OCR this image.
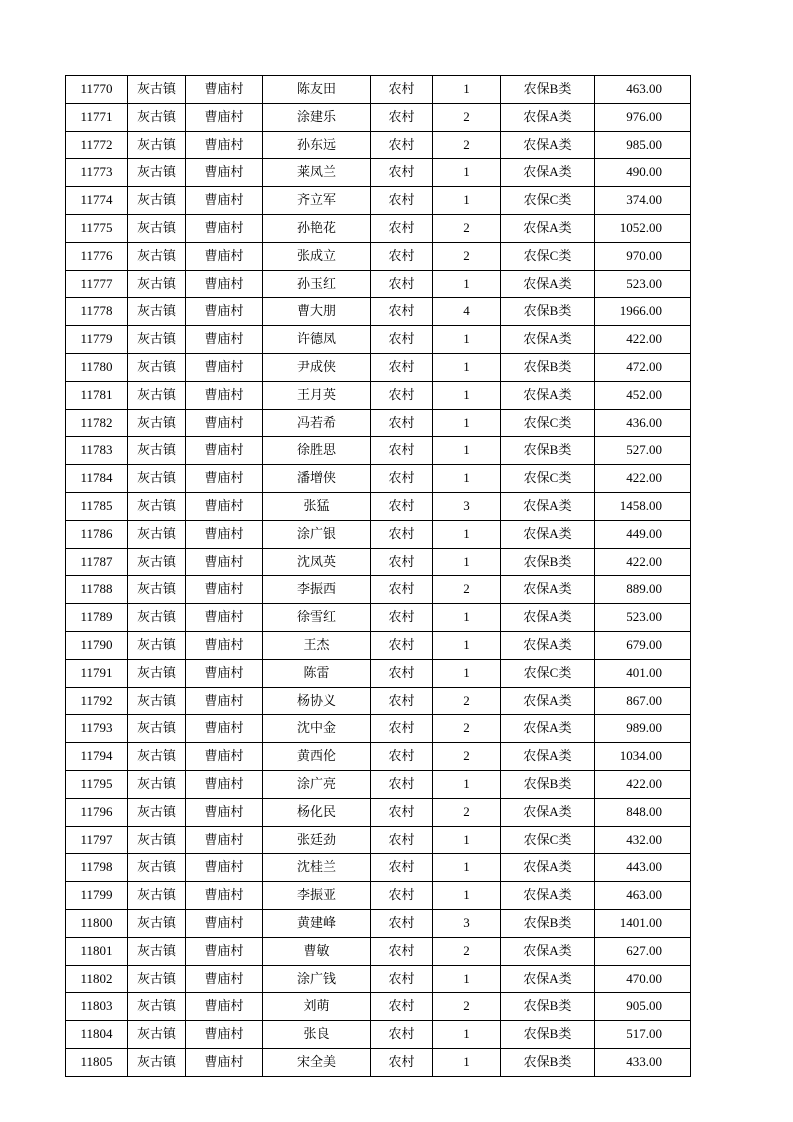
11770	灰古镇	曹庙村	陈友田	农村	1	农保B类	463.00
11771	灰古镇	曹庙村	涂建乐	农村	2	农保A类	976.00
11772	灰古镇	曹庙村	孙东远	农村	2	农保A类	985.00
11773	灰古镇	曹庙村	莱凤兰	农村	1	农保A类	490.00
11774	灰古镇	曹庙村	齐立军	农村	1	农保C类	374.00
11775	灰古镇	曹庙村	孙艳花	农村	2	农保A类	1052.00
11776	灰古镇	曹庙村	张成立	农村	2	农保C类	970.00
11777	灰古镇	曹庙村	孙玉红	农村	1	农保A类	523.00
11778	灰古镇	曹庙村	曹大朋	农村	4	农保B类	1966.00
11779	灰古镇	曹庙村	许德凤	农村	1	农保A类	422.00
11780	灰古镇	曹庙村	尹成侠	农村	1	农保B类	472.00
11781	灰古镇	曹庙村	王月英	农村	1	农保A类	452.00
11782	灰古镇	曹庙村	冯若希	农村	1	农保C类	436.00
11783	灰古镇	曹庙村	徐胜思	农村	1	农保B类	527.00
11784	灰古镇	曹庙村	潘增侠	农村	1	农保C类	422.00
11785	灰古镇	曹庙村	张猛	农村	3	农保A类	1458.00
11786	灰古镇	曹庙村	涂广银	农村	1	农保A类	449.00
11787	灰古镇	曹庙村	沈凤英	农村	1	农保B类	422.00
11788	灰古镇	曹庙村	李振西	农村	2	农保A类	889.00
11789	灰古镇	曹庙村	徐雪红	农村	1	农保A类	523.00
11790	灰古镇	曹庙村	王杰	农村	1	农保A类	679.00
11791	灰古镇	曹庙村	陈雷	农村	1	农保C类	401.00
11792	灰古镇	曹庙村	杨协义	农村	2	农保A类	867.00
11793	灰古镇	曹庙村	沈中金	农村	2	农保A类	989.00
11794	灰古镇	曹庙村	黄西伦	农村	2	农保A类	1034.00
11795	灰古镇	曹庙村	涂广亮	农村	1	农保B类	422.00
11796	灰古镇	曹庙村	杨化民	农村	2	农保A类	848.00
11797	灰古镇	曹庙村	张廷劲	农村	1	农保C类	432.00
11798	灰古镇	曹庙村	沈桂兰	农村	1	农保A类	443.00
11799	灰古镇	曹庙村	李振亚	农村	1	农保A类	463.00
11800	灰古镇	曹庙村	黄建峰	农村	3	农保B类	1401.00
11801	灰古镇	曹庙村	曹敏	农村	2	农保A类	627.00
11802	灰古镇	曹庙村	涂广钱	农村	1	农保A类	470.00
11803	灰古镇	曹庙村	刘萌	农村	2	农保B类	905.00
11804	灰古镇	曹庙村	张良	农村	1	农保B类	517.00
11805	灰古镇	曹庙村	宋全美	农村	1	农保B类	433.00
